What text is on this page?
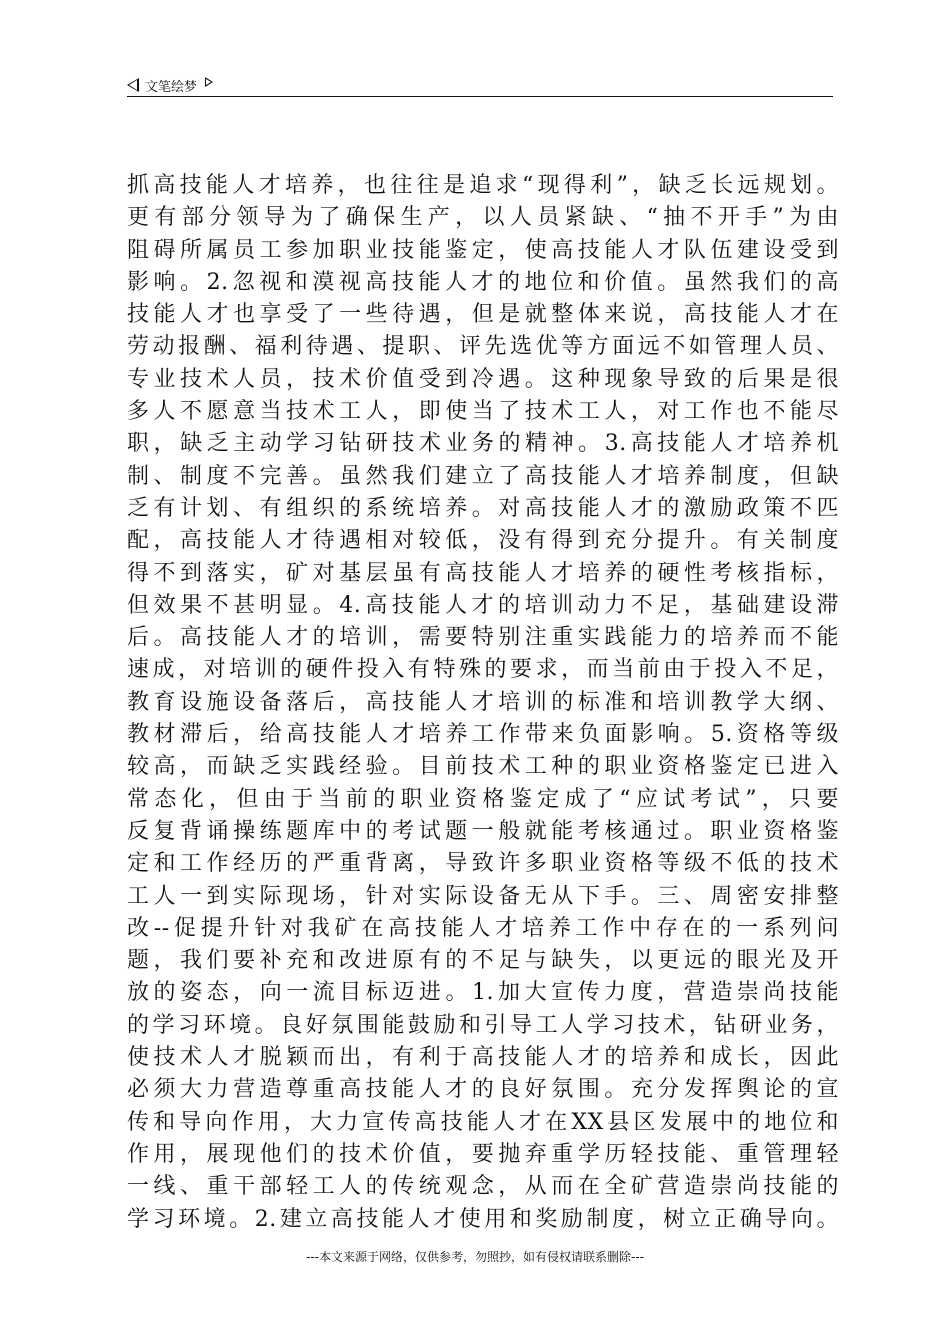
文笔绘梦
抓高技能人才培养，也往往是追求“现得利”，缺乏长远规划。
更有部分领导为了确保生产，以人员紧缺、“抽不开手”为由
阻碍所属员工参加职业技能鉴定，使高技能人才队伍建设受到
影响。2.忽视和漠视高技能人才的地位和价值。虽然我们的高
技能人才也享受了一些待遇，但是就整体来说，高技能人才在
劳动报酬、福利待遇、提职、评先选优等方面远不如管理人员、
专业技术人员，技术价值受到冷遇。这种现象导致的后果是很
多人不愿意当技术工人，即使当了技术工人，对工作也不能尽
职，缺乏主动学习钻研技术业务的精神。3.高技能人才培养机
制、制度不完善。虽然我们建立了高技能人才培养制度，但缺
乏有计划、有组织的系统培养。对高技能人才的激励政策不匹
配，高技能人才待遇相对较低，没有得到充分提升。有关制度
得不到落实，矿对基层虽有高技能人才培养的硬性考核指标，
但效果不甚明显。4.高技能人才的培训动力不足，基础建设滞
后。高技能人才的培训，需要特别注重实践能力的培养而不能
速成，对培训的硬件投入有特殊的要求，而当前由于投入不足，
教育设施设备落后，高技能人才培训的标准和培训教学大纲、
教材滞后，给高技能人才培养工作带来负面影响。5.资格等级
较高，而缺乏实践经验。目前技术工种的职业资格鉴定已进入
常态化，但由于当前的职业资格鉴定成了“应试考试”，只要
反复背诵操练题库中的考试题一般就能考核通过。职业资格鉴
定和工作经历的严重背离，导致许多职业资格等级不低的技术
工人一到实际现场，针对实际设备无从下手。三、周密安排整
改--促提升针对我矿在高技能人才培养工作中存在的一系列问
题，我们要补充和改进原有的不足与缺失，以更远的眼光及开
放的姿态，向一流目标迈进。1.加大宣传力度，营造崇尚技能
的学习环境。良好氛围能鼓励和引导工人学习技术，钻研业务，
使技术人才脱颖而出，有利于高技能人才的培养和成长，因此
必须大力营造尊重高技能人才的良好氛围。充分发挥舆论的宣
传和导向作用，大力宣传高技能人才在XX县区发展中的地位和
作用，展现他们的技术价值，要抛弃重学历轻技能、重管理轻
一线、重干部轻工人的传统观念，从而在全矿营造崇尚技能的
学习环境。2.建立高技能人才使用和奖励制度，树立正确导向。
---本文来源于网络，仅供参考，勿照抄，如有侵权请联系删除---
